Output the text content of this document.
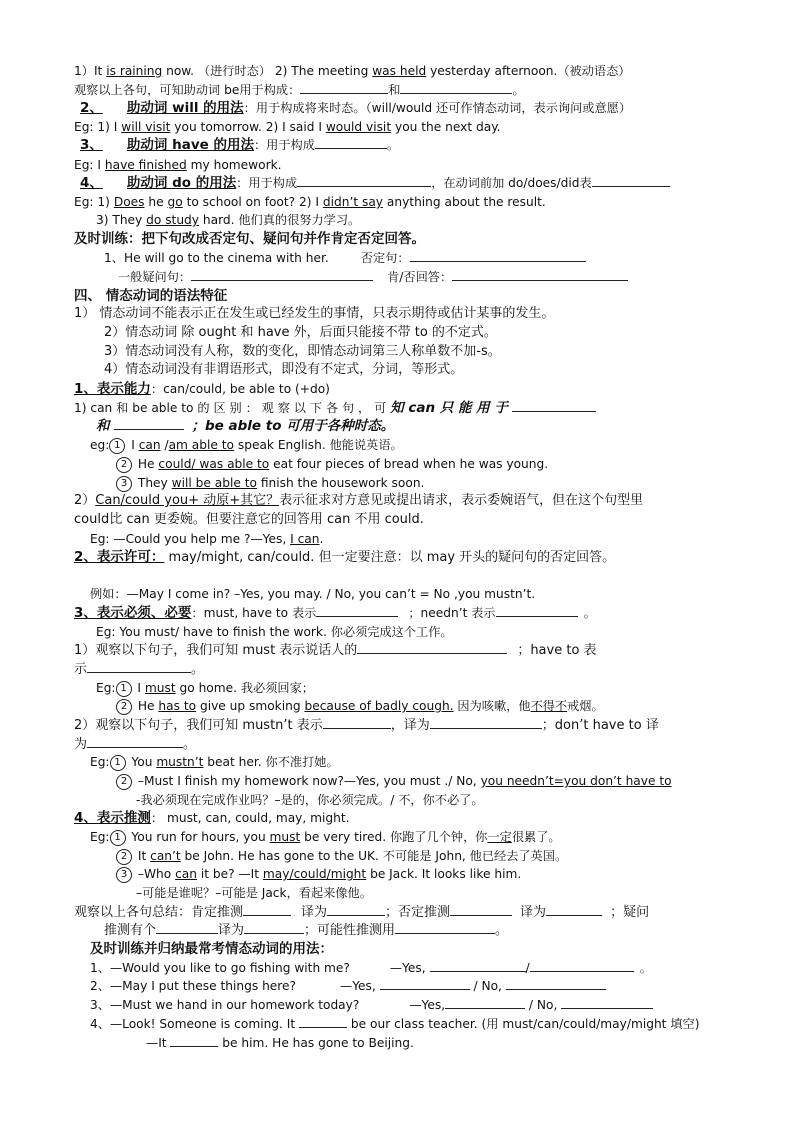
1）It is raining now. （进行时态） 2) The meeting was held yesterday afternoon.（被动语态）
观察以上各句，可知助动词 be用于构成：	和	。
2、 助动词 will 的用法：用于构成将来时态。（will/would 还可作情态动词，表示询问或意愿）
Eg: 1) I will visit you tomorrow. 2) I said I would visit you the next day.
3、 助动词 have 的用法：用于构成	。
Eg: I have finished my homework.
4、 助动词 do 的用法：用于构成	，在动词前加 do/does/did表
Eg: 1) Does he go to school on foot? 2) I didn’t say anything about the result.
3) They do study hard. 他们真的很努力学习。
及时训练：把下句改成否定句、疑问句并作肯定否定回答。
1、He will go to the cinema with her.	否定句：
一般疑问句：	肯/否回答：
四、 情态动词的语法特征
1） 情态动词不能表示正在发生或已经发生的事情，只表示期待或估计某事的发生。
2）情态动词 除 ought 和 have 外，后面只能接不带 to 的不定式。
3）情态动词没有人称，数的变化，即情态动词第三人称单数不加-s。
4）情态动词没有非谓语形式，即没有不定式，分词，等形式。
1、表示能力：can/could, be able to (+do)
1) can 和 be able to 的 区 别 ： 观 察 以 下 各 句 ， 可 知 can 只 能 用 于
和	；be able to 可用于各种时态。
eg: 1 I can /am able to speak English. 他能说英语。
2 He could/ was able to eat four pieces of bread when he was young.
3 They will be able to finish the housework soon.
2）Can/could you+ 动原+其它？表示征求对方意见或提出请求，表示委婉语气，但在这个句型里
could比 can 更委婉。但要注意它的回答用 can 不用 could.
Eg: —Could you help me ?—Yes, I can.
2、表示许可： may/might, can/could. 但一定要注意：以 may 开头的疑问句的否定回答。
例如：—May I come in? –Yes, you may. / No, you can’t = No ,you mustn’t.
3、表示必须、必要：must, have to 表示	；needn’t 表示	。
Eg: You must/ have to finish the work. 你必须完成这个工作。
1）观察以下句子，我们可知 must 表示说话人的	；have to 表
示	。
Eg: 1 I must go home. 我必须回家；
2 He has to give up smoking because of badly cough. 因为咳嗽，他不得不戒烟。
2）观察以下句子，我们可知 mustn’t 表示	，译为	；don’t have to 译
为	。
Eg: 1 You mustn’t beat her. 你不准打她。
2 –Must I finish my homework now?—Yes, you must ./ No, you needn’t=you don’t have to
-我必须现在完成作业吗？–是的，你必须完成。/ 不，你不必了。
4、表示推测： must, can, could, may, might.
Eg: 1 You run for hours, you must be very tired. 你跑了几个钟，你一定很累了。
2 It can’t be John. He has gone to the UK. 不可能是 John, 他已经去了英国。
3 –Who can it be? —It may/could/might be Jack. It looks like him.
–可能是谁呢？–可能是 Jack，看起来像他。
观察以上各句总结：肯定推测	译为	；否定推测	译为	；疑问
推测有个	译为	；可能性推测用	。
及时训练并归纳最常考情态动词的用法：
1、—Would you like to go fishing with me?	—Yes,	/	。
2、—May I put these things here?	—Yes,	/ No,
3、—Must we hand in our homework today?	—Yes,	/ No,
4、—Look! Someone is coming. It	be our class teacher. (用 must/can/could/may/might 填空)
—It	be him. He has gone to Beijing.
